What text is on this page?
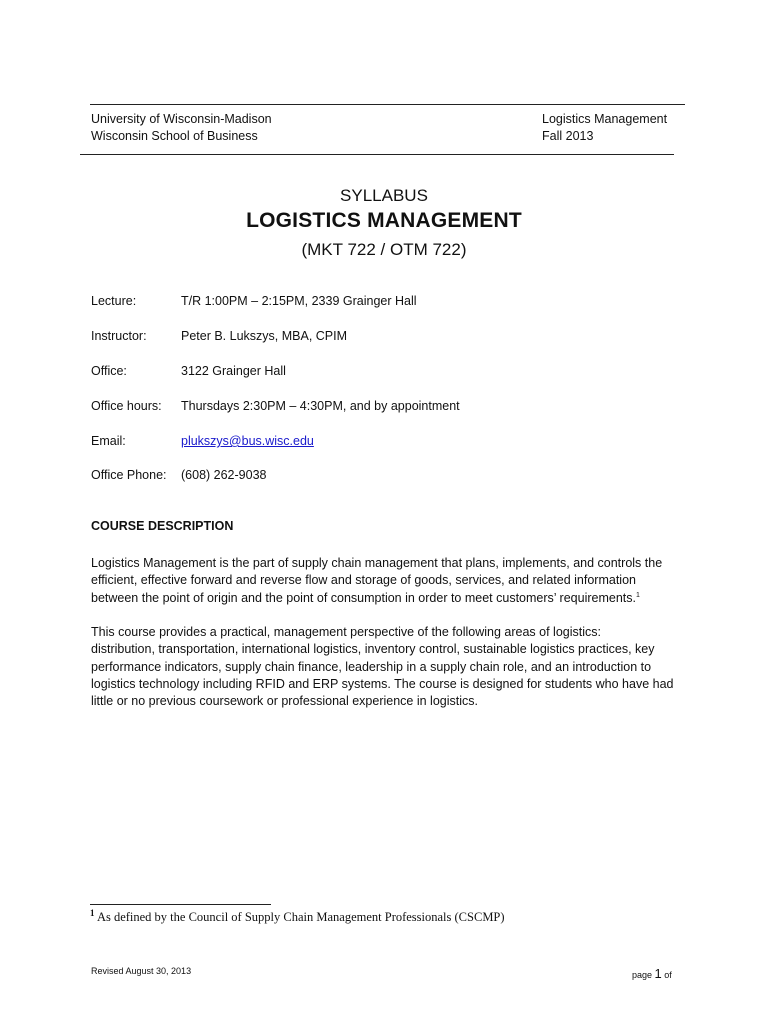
University of Wisconsin-Madison
Wisconsin School of Business
Logistics Management
Fall 2013
SYLLABUS
LOGISTICS MANAGEMENT
(MKT 722 / OTM 722)
Lecture:	T/R 1:00PM – 2:15PM, 2339 Grainger Hall
Instructor:	Peter B. Lukszys, MBA, CPIM
Office:	3122 Grainger Hall
Office hours: Thursdays 2:30PM – 4:30PM, and by appointment
Email:	plukszys@bus.wisc.edu
Office Phone: (608) 262-9038
COURSE DESCRIPTION
Logistics Management is the part of supply chain management that plans, implements, and controls the
efficient, effective forward and reverse flow and storage of goods, services, and related information
between the point of origin and the point of consumption in order to meet customers’ requirements.$^1$
This course provides a practical, management perspective of the following areas of logistics:
distribution, transportation, international logistics, inventory control, sustainable logistics practices, key
performance indicators, supply chain finance, leadership in a supply chain role, and an introduction to
logistics technology including RFID and ERP systems. The course is designed for students who have had
little or no previous coursework or professional experience in logistics.
$^1$ As defined by the Council of Supply Chain Management Professionals (CSCMP)
Revised August 30, 2013	page 1 of
